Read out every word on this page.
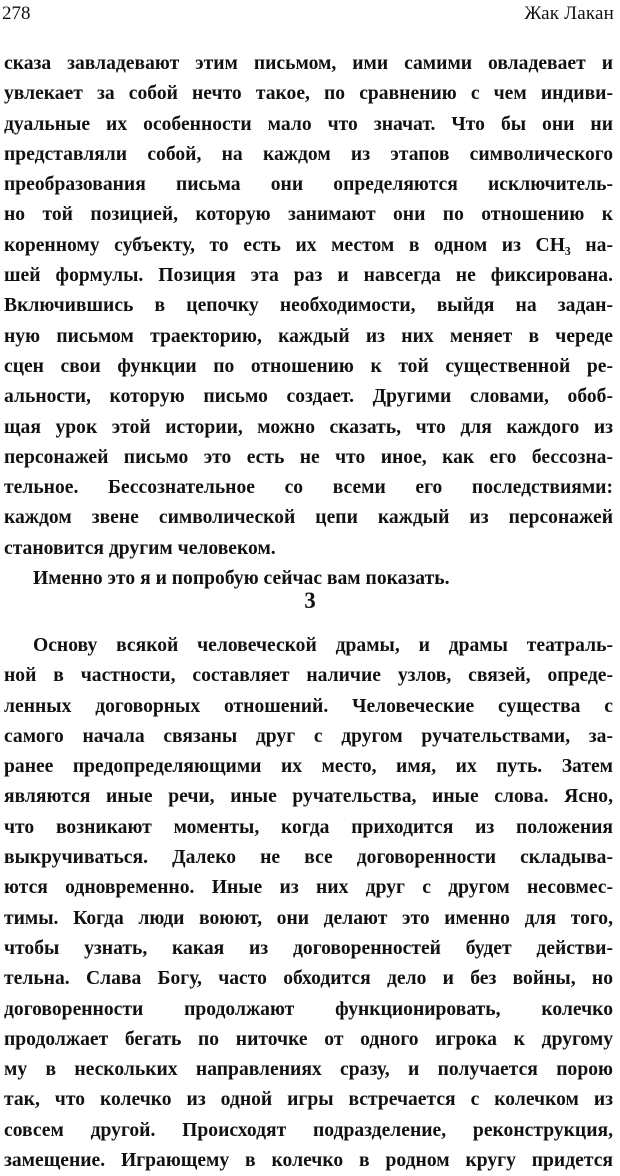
278	Жак Лакан
сказа завладевают этим письмом, ими самими овладевает и
увлекает за собой нечто такое, по сравнению с чем индиви-
дуальные их особенности мало что значат. Что бы они ни
представляли собой, на каждом из этапов символического
преобразования письма они определяются исключитель-
но той позицией, которую занимают они по отношению к
коренному субъекту, то есть их местом в одном из CH₃ на-
шей формулы. Позиция эта раз и навсегда не фиксирована.
Включившись в цепочку необходимости, выйдя на задан-
ную письмом траекторию, каждый из них меняет в череде
сцен свои функции по отношению к той существенной ре-
альности, которую письмо создает. Другими словами, обоб-
щая урок этой истории, можно сказать, что для каждого из
персонажей письмо это есть не что иное, как его бессозна-
тельное. Бессознательное со всеми его последствиями:
каждом звене символической цепи каждый из персонажей
становится другим человеком.
Именно это я и попробую сейчас вам показать.
3
Основу всякой человеческой драмы, и драмы театраль-
ной в частности, составляет наличие узлов, связей, опреде-
ленных договорных отношений. Человеческие существа с
самого начала связаны друг с другом ручательствами, за-
ранее предопределяющими их место, имя, их путь. Затем
являются иные речи, иные ручательства, иные слова. Ясно,
что возникают моменты, когда приходится из положения
выкручиваться. Далеко не все договоренности складыва-
ются одновременно. Иные из них друг с другом несовмес-
тимы. Когда люди воюют, они делают это именно для того,
чтобы узнать, какая из договоренностей будет действи-
тельна. Слава Богу, часто обходится дело и без войны, но
договоренности продолжают функционировать, колечко
продолжает бегать по ниточке от одного игрока к другому
му в нескольких направлениях сразу, и получается порою
так, что колечко из одной игры встречается с колечком из
совсем другой. Происходят подразделение, реконструкция,
замещение. Играющему в колечко в родном кругу придется
